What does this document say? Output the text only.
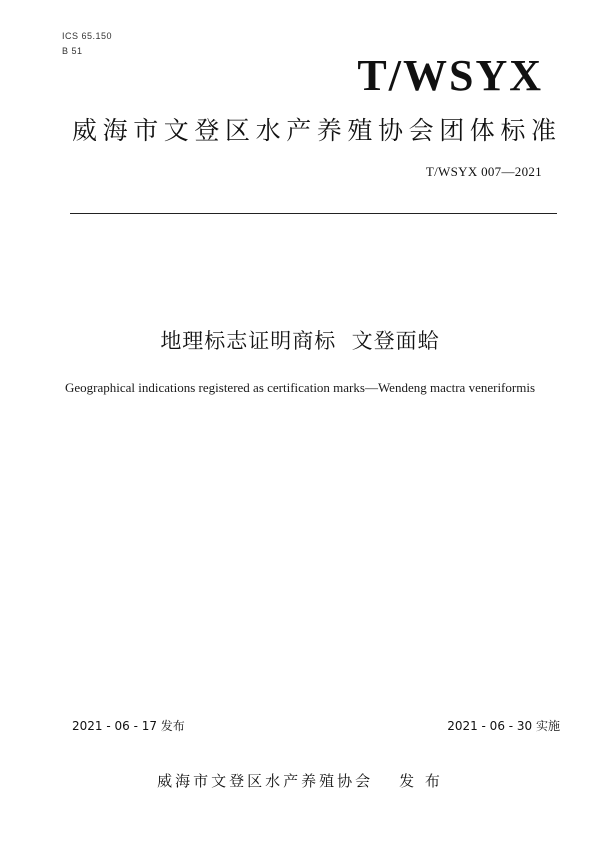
ICS 65.150
B 51	T/WSYX
威海市文登区水产养殖协会团体标准
T/WSYX 007—2021
地理标志证明商标  文登面蛤
Geographical indications registered as certification marks—Wendeng mactra veneriformis
2021 - 06 - 17 发布	2021 - 06 - 30 实施
威海市文登区水产养殖协会 发 布
